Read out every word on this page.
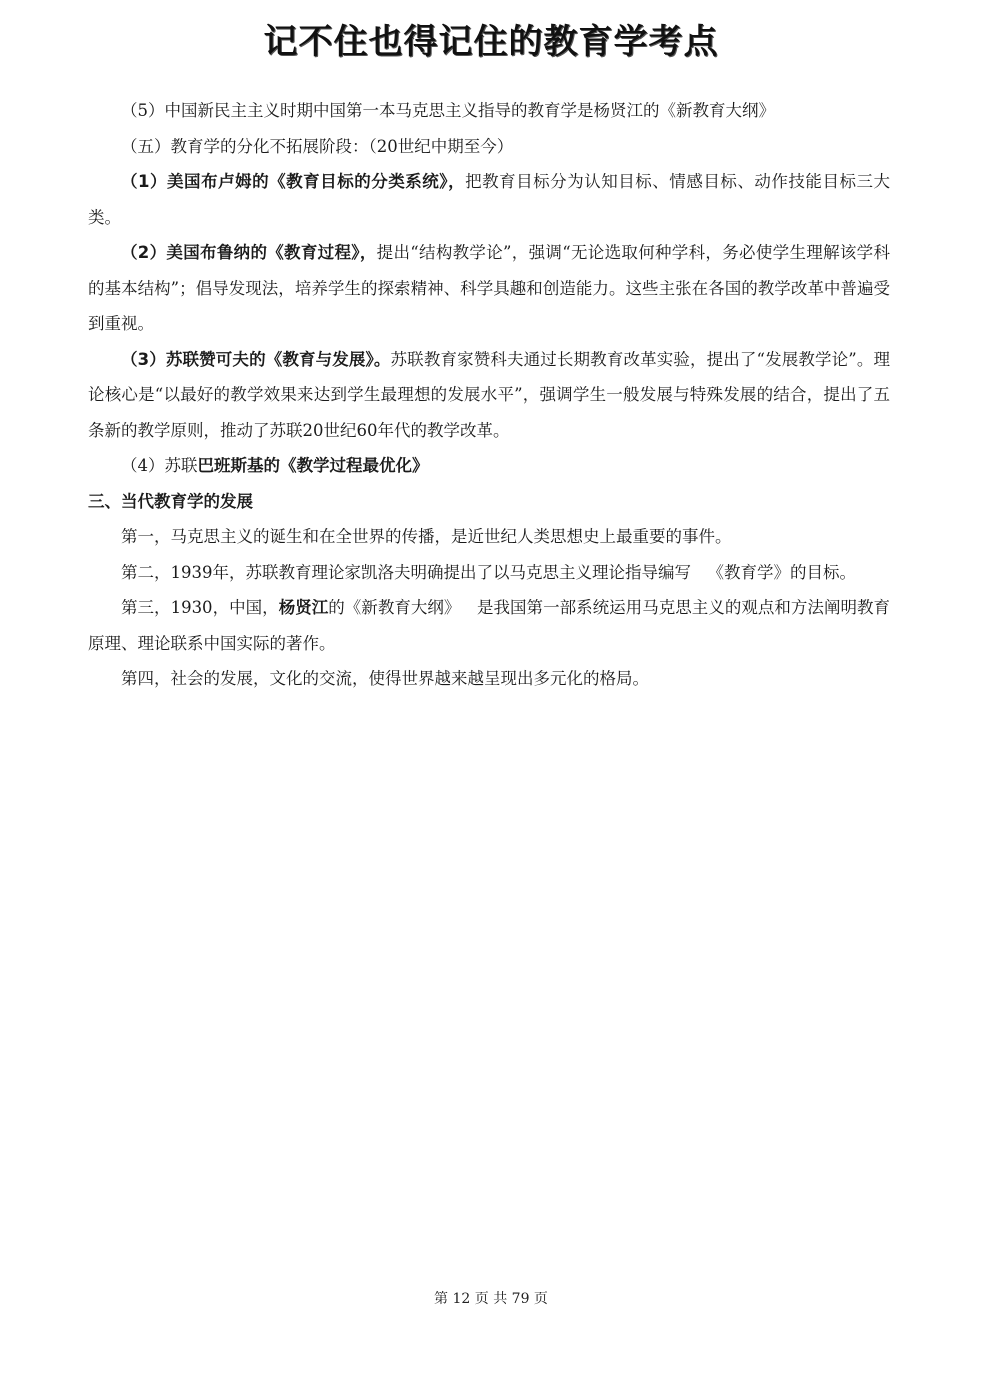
记不住也得记住的教育学考点

（5）中国新民主主义时期中国第一本马克思主义指导的教育学是杨贤江的《新教育大纲》

（五）教育学的分化不拓展阶段：（20世纪中期至今）

（1）美国布卢姆的《教育目标的分类系统》，把教育目标分为认知目标、情感目标、动作技能目标三大类。

（2）美国布鲁纳的《教育过程》，提出“结构教学论”，强调“无论选取何种学科，务必使学生理解该学科的基本结构”；倡导发现法，培养学生的探索精神、科学具趣和创造能力。这些主张在各国的教学改革中普遍受到重视。

（3）苏联赞可夫的《教育与发展》。苏联教育家赞科夫通过长期教育改革实验，提出了“发展教学论”。理论核心是“以最好的教学效果来达到学生最理想的发展水平”，强调学生一般发展与特殊发展的结合，提出了五条新的教学原则，推动了苏联20世纪60年代的教学改革。

（4）苏联巴班斯基的《教学过程最优化》

三、当代教育学的发展

第一，马克思主义的诞生和在全世界的传播，是近世纪人类思想史上最重要的事件。

第二，1939年，苏联教育理论家凯洛夫明确提出了以马克思主义理论指导编写 《教育学》的目标。

第三，1930，中国，杨贤江的《新教育大纲》 是我国第一部系统运用马克思主义的观点和方法阐明教育原理、理论联系中国实际的著作。

第四，社会的发展，文化的交流，使得世界越来越呈现出多元化的格局。

第 12 页 共 79 页
